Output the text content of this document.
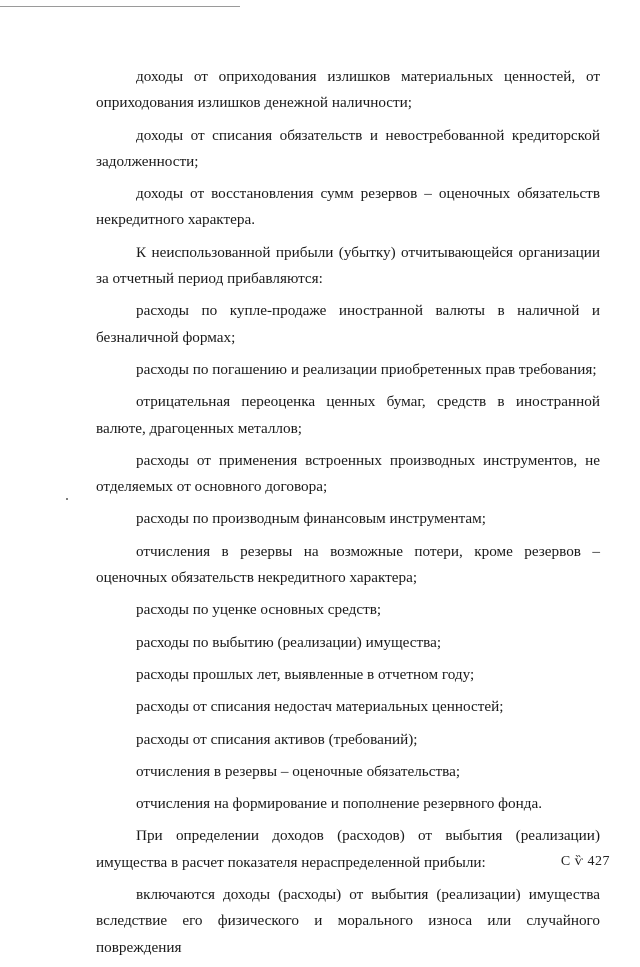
доходы от оприходования излишков материальных ценностей, от оприходования излишков денежной наличности;

доходы от списания обязательств и невостребованной кредиторской задолженности;

доходы от восстановления сумм резервов – оценочных обязательств некредитного характера.

К неиспользованной прибыли (убытку) отчитывающейся организации за отчетный период прибавляются:

расходы по купле-продаже иностранной валюты в наличной и безналичной формах;

расходы по погашению и реализации приобретенных прав требования;

отрицательная переоценка ценных бумаг, средств в иностранной валюте, драгоценных металлов;

расходы от применения встроенных производных инструментов, не отделяемых от основного договора;

расходы по производным финансовым инструментам;

отчисления в резервы на возможные потери, кроме резервов – оценочных обязательств некредитного характера;

расходы по уценке основных средств;

расходы по выбытию (реализации) имущества;

расходы прошлых лет, выявленные в отчетном году;

расходы от списания недостач материальных ценностей;

расходы от списания активов (требований);

отчисления в резервы – оценочные обязательства;

отчисления на формирование и пополнение резервного фонда.

При определении доходов (расходов) от выбытия (реализации) имущества в расчет показателя нераспределенной прибыли:

включаются доходы (расходы) от выбытия (реализации) имущества вследствие его физического и морального износа или случайного повреждения

С ѷ 427
